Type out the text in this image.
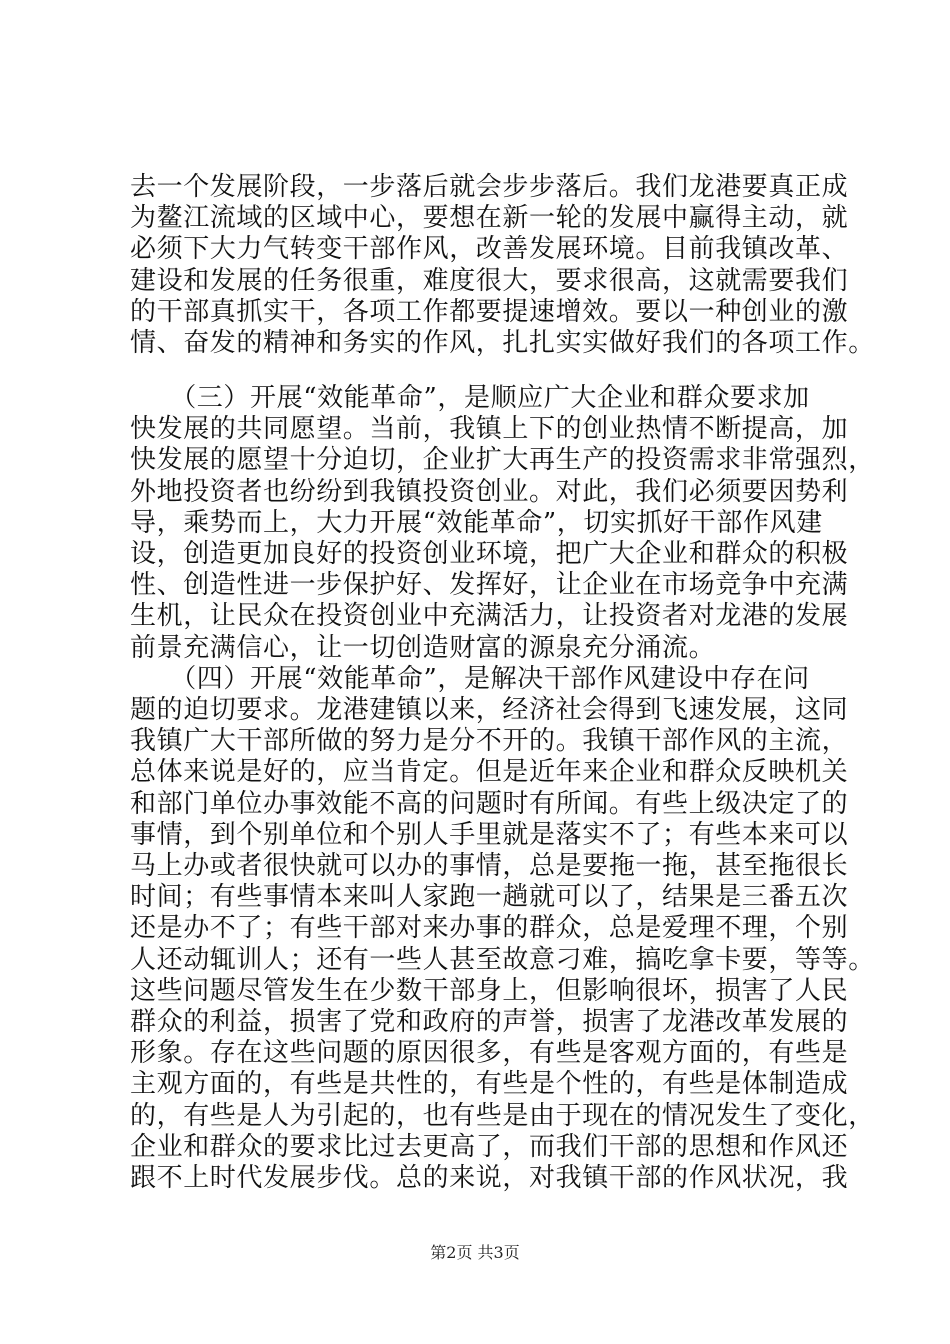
去一个发展阶段，一步落后就会步步落后。我们龙港要真正成
为鳌江流域的区域中心，要想在新一轮的发展中赢得主动，就
必须下大力气转变干部作风，改善发展环境。目前我镇改革、
建设和发展的任务很重，难度很大，要求很高，这就需要我们
的干部真抓实干，各项工作都要提速增效。要以一种创业的激
情、奋发的精神和务实的作风，扎扎实实做好我们的各项工作。
　　（三）开展“效能革命”，是顺应广大企业和群众要求加
快发展的共同愿望。当前，我镇上下的创业热情不断提高，加
快发展的愿望十分迫切，企业扩大再生产的投资需求非常强烈，
外地投资者也纷纷到我镇投资创业。对此，我们必须要因势利
导，乘势而上，大力开展“效能革命”，切实抓好干部作风建
设，创造更加良好的投资创业环境，把广大企业和群众的积极
性、创造性进一步保护好、发挥好，让企业在市场竞争中充满
生机，让民众在投资创业中充满活力，让投资者对龙港的发展
前景充满信心，让一切创造财富的源泉充分涌流。
　　（四）开展“效能革命”，是解决干部作风建设中存在问
题的迫切要求。龙港建镇以来，经济社会得到飞速发展，这同
我镇广大干部所做的努力是分不开的。我镇干部作风的主流，
总体来说是好的，应当肯定。但是近年来企业和群众反映机关
和部门单位办事效能不高的问题时有所闻。有些上级决定了的
事情，到个别单位和个别人手里就是落实不了；有些本来可以
马上办或者很快就可以办的事情，总是要拖一拖，甚至拖很长
时间；有些事情本来叫人家跑一趟就可以了，结果是三番五次
还是办不了；有些干部对来办事的群众，总是爱理不理，个别
人还动辄训人；还有一些人甚至故意刁难，搞吃拿卡要，等等。
这些问题尽管发生在少数干部身上，但影响很坏，损害了人民
群众的利益，损害了党和政府的声誉，损害了龙港改革发展的
形象。存在这些问题的原因很多，有些是客观方面的，有些是
主观方面的，有些是共性的，有些是个性的，有些是体制造成
的，有些是人为引起的，也有些是由于现在的情况发生了变化，
企业和群众的要求比过去更高了，而我们干部的思想和作风还
跟不上时代发展步伐。总的来说，对我镇干部的作风状况，我
第2页 共3页
